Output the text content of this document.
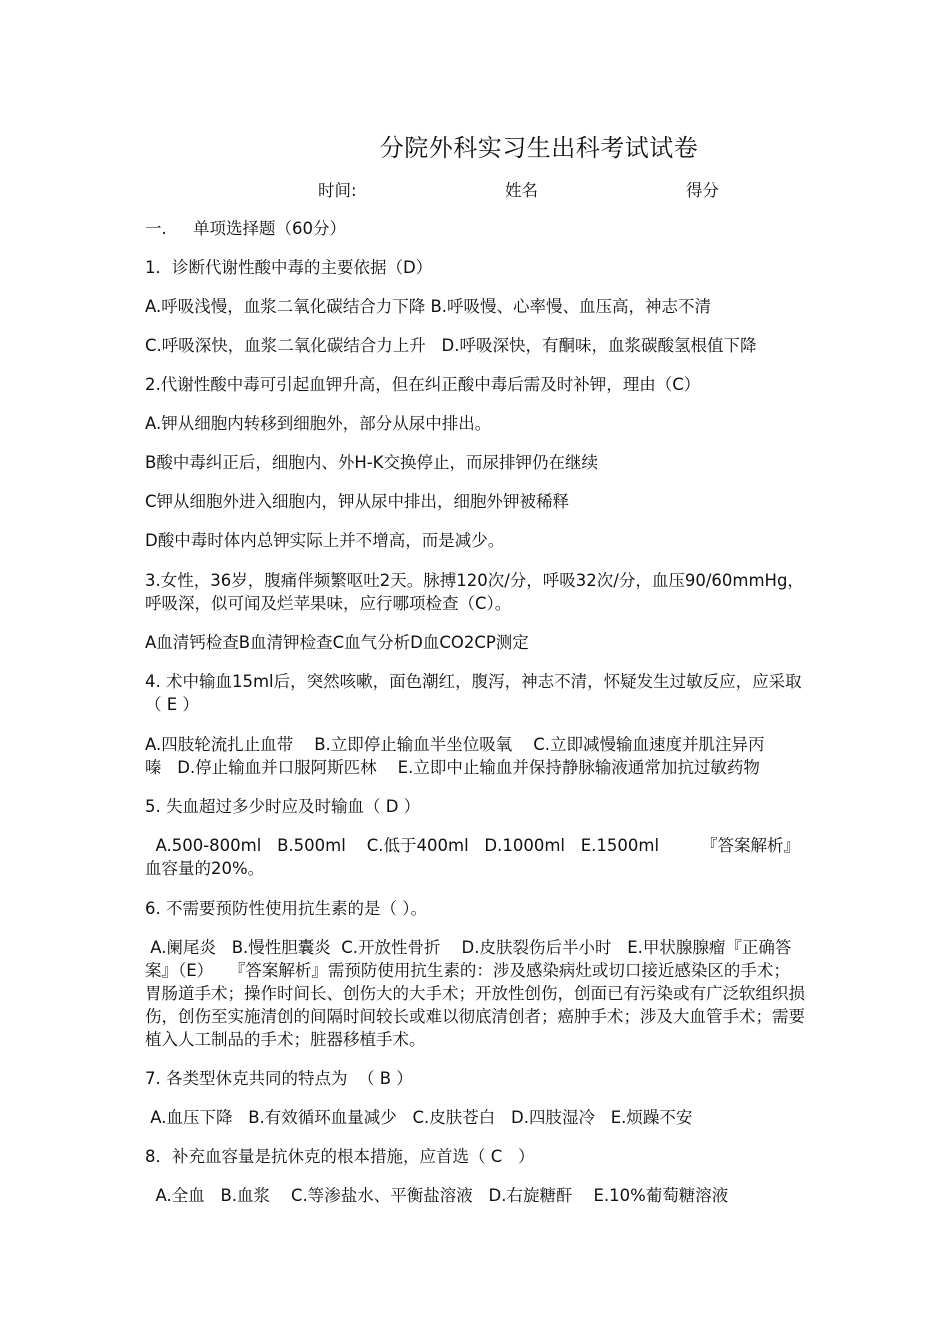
分院外科实习生出科考试试卷
时间:	姓名	得分
一.     单项选择题（60分）
1．诊断代谢性酸中毒的主要依据（D）
A.呼吸浅慢，血浆二氧化碳结合力下降 B.呼吸慢、心率慢、血压高，神志不清
C.呼吸深快，血浆二氧化碳结合力上升   D.呼吸深快，有酮味，血浆碳酸氢根值下降
2.代谢性酸中毒可引起血钾升高，但在纠正酸中毒后需及时补钾，理由（C）
A.钾从细胞内转移到细胞外，部分从尿中排出。
B酸中毒纠正后，细胞内、外H-K交换停止，而尿排钾仍在继续
C钾从细胞外进入细胞内，钾从尿中排出，细胞外钾被稀释
D酸中毒时体内总钾实际上并不增高，而是减少。
3.女性，36岁，腹痛伴频繁呕吐2天。脉搏120次/分，呼吸32次/分，血压90/60mmHg，呼吸深，似可闻及烂苹果味，应行哪项检查（C）。
A血清钙检查B血清钾检查C血气分析D血CO2CP测定
4. 术中输血15ml后，突然咳嗽，面色潮红，腹泻，神志不清，怀疑发生过敏反应，应采取（ E ）
A.四肢轮流扎止血带    B.立即停止输血半坐位吸氧    C.立即减慢输血速度并肌注异丙嗪   D.停止输血并口服阿斯匹林    E.立即中止输血并保持静脉输液通常加抗过敏药物
5. 失血超过多少时应及时输血（ D ）
A.500-800ml   B.500ml    C.低于400ml   D.1000ml   E.1500ml        『答案解析』血容量的20%。
6. 不需要预防性使用抗生素的是（ ）。
A.阑尾炎   B.慢性胆囊炎  C.开放性骨折    D.皮肤裂伤后半小时   E.甲状腺腺瘤『正确答案』（E）   『答案解析』需预防使用抗生素的：涉及感染病灶或切口接近感染区的手术；胃肠道手术；操作时间长、创伤大的大手术；开放性创伤，创面已有污染或有广泛软组织损伤，创伤至实施清创的间隔时间较长或难以彻底清创者；癌肿手术；涉及大血管手术；需要植入人工制品的手术；脏器移植手术。
7. 各类型休克共同的特点为  （ B ）
A.血压下降   B.有效循环血量减少   C.皮肤苍白   D.四肢湿冷   E.烦躁不安
8．补充血容量是抗休克的根本措施，应首选（ C   ）
A.全血   B.血浆    C.等渗盐水、平衡盐溶液   D.右旋糖酐    E.10%葡萄糖溶液
